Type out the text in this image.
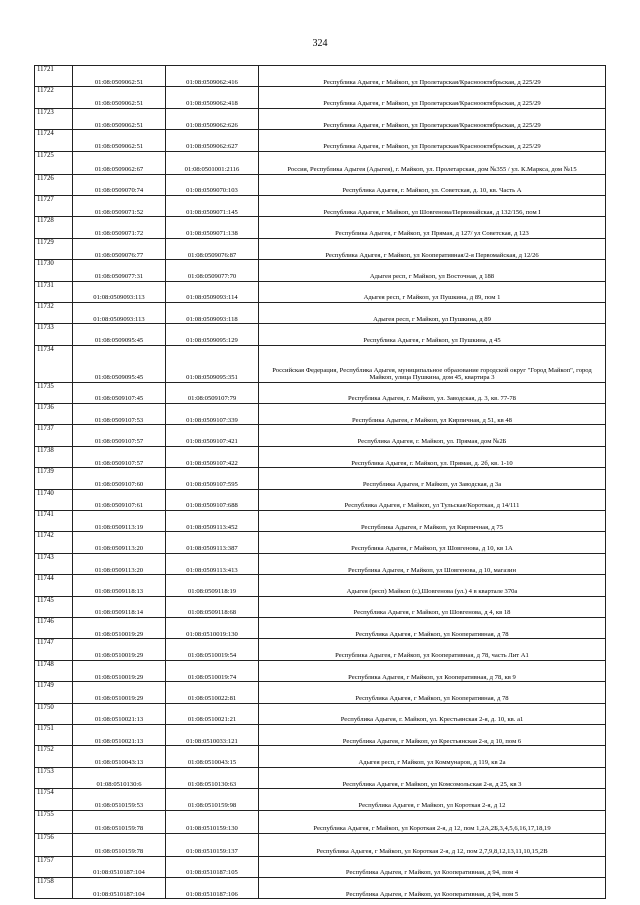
324
11721	01:08:0509062:51	01:08:0509062:416	Республика Адыгея, г Майкоп, ул Пролетарская/Краснооктябрьская, д 225/29
11722	01:08:0509062:51	01:08:0509062:418	Республика Адыгея, г Майкоп, ул Пролетарская/Краснооктябрьская, д 225/29
11723	01:08:0509062:51	01:08:0509062:626	Республика Адыгея, г Майкоп, ул Пролетарская/Краснооктябрьская, д 225/29
11724	01:08:0509062:51	01:08:0509062:627	Республика Адыгея, г Майкоп, ул Пролетарская/Краснооктябрьская, д 225/29
11725	01:08:0509062:67	01:08:0501001:2116	Россия, Республика Адыгея (Адыгея), г. Майкоп, ул. Пролетарская, дом №355 / ул. К.Маркса, дом №15
11726	01:08:0509070:74	01:08:0509070:103	Республика Адыгея, г. Майкоп, ул. Советская, д. 10, кв. Часть А
11727	01:08:0509071:52	01:08:0509071:145	Республика Адыгея, г Майкоп, ул Шовгенова/Первомайская, д 132/156, пом I
11728	01:08:0509071:72	01:08:0509071:138	Республика Адыгея, г Майкоп, ул Прямая, д 127/ ул Советская, д 123
11729	01:08:0509076:77	01:08:0509076:87	Республика Адыгея, г Майкоп, ул Кооперативная/2-я Первомайская, д 12/26
11730	01:08:0509077:31	01:08:0509077:70	Адыгея респ, г Майкоп, ул Восточная, д 188
11731	01:08:0509093:113	01:08:0509093:114	Адыгея респ, г Майкоп, ул Пушкина, д 89, пом 1
11732	01:08:0509093:113	01:08:0509093:118	Адыгея респ, г Майкоп, ул Пушкина, д 89
11733	01:08:0509095:45	01:08:0509095:129	Республика Адыгея, г Майкоп, ул Пушкина, д 45
11734	01:08:0509095:45	01:08:0509095:351	Российская Федерация, Республика Адыгея, муниципальное образование городской округ "Город Майкоп", город Майкоп, улица Пушкина, дом 45, квартира 3
11735	01:08:0509107:45	01:08:0509107:79	Республика Адыгея, г. Майкоп, ул. Заводская, д. 3, кв. 77-78
11736	01:08:0509107:53	01:08:0509107:339	Республика Адыгея, г Майкоп, ул Кирпичная, д 51, кв 48
11737	01:08:0509107:57	01:08:0509107:421	Республика Адыгея, г. Майкоп, ул. Прямая, дом №2Б
11738	01:08:0509107:57	01:08:0509107:422	Республика Адыгея, г. Майкоп, ул. Прямая, д. 2б, кв. 1-10
11739	01:08:0509107:60	01:08:0509107:595	Республика Адыгея, г Майкоп, ул Заводская, д 3а
11740	01:08:0509107:61	01:08:0509107:688	Республика Адыгея, г Майкоп, ул Тульская/Короткая, д 14/111
11741	01:08:0509113:19	01:08:0509113:452	Республика Адыгея, г Майкоп, ул Кирпичная, д 75
11742	01:08:0509113:20	01:08:0509113:387	Республика Адыгея, г Майкоп, ул Шовгенова, д 10, кв 1А
11743	01:08:0509113:20	01:08:0509113:413	Республика Адыгея, г Майкоп, ул Шовгенова, д 10, магазин
11744	01:08:0509118:13	01:08:0509118:19	Адыгея (респ) Майкоп (г.),Шовгенова (ул.) 4 в квартале 370а
11745	01:08:0509118:14	01:08:0509118:68	Республика Адыгея, г Майкоп, ул Шовгенова, д 4, кв 18
11746	01:08:0510019:29	01:08:0510019:130	Республика Адыгея, г Майкоп, ул Кооперативная, д 78
11747	01:08:0510019:29	01:08:0510019:54	Республика Адыгея, г Майкоп, ул Кооперативная, д 78, часть Лит А1
11748	01:08:0510019:29	01:08:0510019:74	Республика Адыгея, г Майкоп, ул Кооперативная, д 78, кв 9
11749	01:08:0510019:29	01:08:0510022:81	Республика Адыгея, г Майкоп, ул Кооперативная, д 78
11750	01:08:0510021:13	01:08:0510021:21	Республика Адыгея, г. Майкоп, ул. Крестьянская 2-я, д. 10, кв. а1
11751	01:08:0510021:13	01:08:0510033:121	Республика Адыгея, г Майкоп, ул Крестьянская 2-я, д 10, пом 6
11752	01:08:0510043:13	01:08:0510043:15	Адыгея респ, г Майкоп, ул Коммунаров, д 119, кв 2а
11753	01:08:0510130:6	01:08:0510130:63	Республика Адыгея, г Майкоп, ул Комсомольская 2-я, д 25, кв 3
11754	01:08:0510159:53	01:08:0510159:98	Республика Адыгея, г Майкоп, ул Короткая 2-я, д 12
11755	01:08:0510159:78	01:08:0510159:130	Республика Адыгея, г Майкоп, ул Короткая 2-я, д 12, пом 1,2А,2Б,3,4,5,6,16,17,18,19
11756	01:08:0510159:78	01:08:0510159:137	Республика Адыгея, г Майкоп, ул Короткая 2-я, д 12, пом 2,7,9,8,12,13,11,10,15,2В
11757	01:08:0510187:104	01:08:0510187:105	Республика Адыгея, г Майкоп, ул Кооперативная, д 94, пом 4
11758	01:08:0510187:104	01:08:0510187:106	Республика Адыгея, г Майкоп, ул Кооперативная, д 94, пом 5
